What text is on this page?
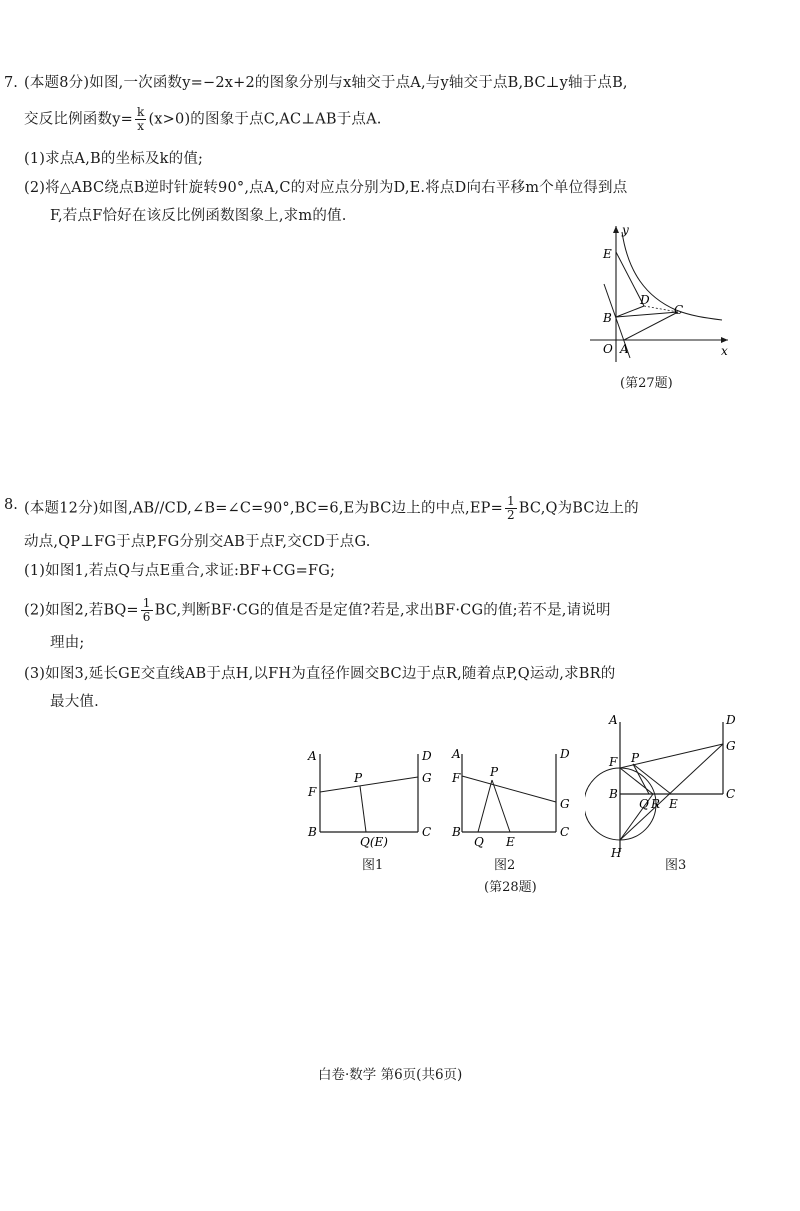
7. (本题8分)如图,一次函数y=−2x+2的图象分别与x轴交于点A,与y轴交于点B,BC⊥y轴于点B,
交反比例函数$y= \frac{k}{x} (x>0)$的图象于点C,AC⊥AB于点A.
(1)求点A,B的坐标及k的值;
(2)将△ABC绕点B逆时针旋转90°,点A,C的对应点分别为D,E.将点D向右平移m个单位得到点
F,若点F恰好在该反比例函数图象上,求m的值.
y
x
E
D
C
B
O A
(第27题)
8. (本题12分)如图,AB//CD,∠B=∠C=90°,BC=6,E为BC边上的中点$,EP= \frac{1}{2} BC,Q$为BC边上的
动点,QP⊥FG于点P,FG分别交AB于点F,交CD于点G.
(1)如图1,若点Q与点E重合,求证:BF+CG=FG;
(2)如图2,若$BQ= \frac{1}{6}$ BC,判断BF·CG的值是否是定值?若是,求出BF·CG的值;若不是,请说明
理由;
(3)如图3,延长GE交直线AB于点H,以FH为直径作圆交BC边于点R,随着点P,Q运动,求BR的
最大值.
A	D
P	G
F
B
Q(E)
C
图1
A	D
F P
G
B
Q E
C
图2
A	D
F P
G
B
Q R E
C
H
图3
(第28题)
白卷·数学 第6页(共6页)
